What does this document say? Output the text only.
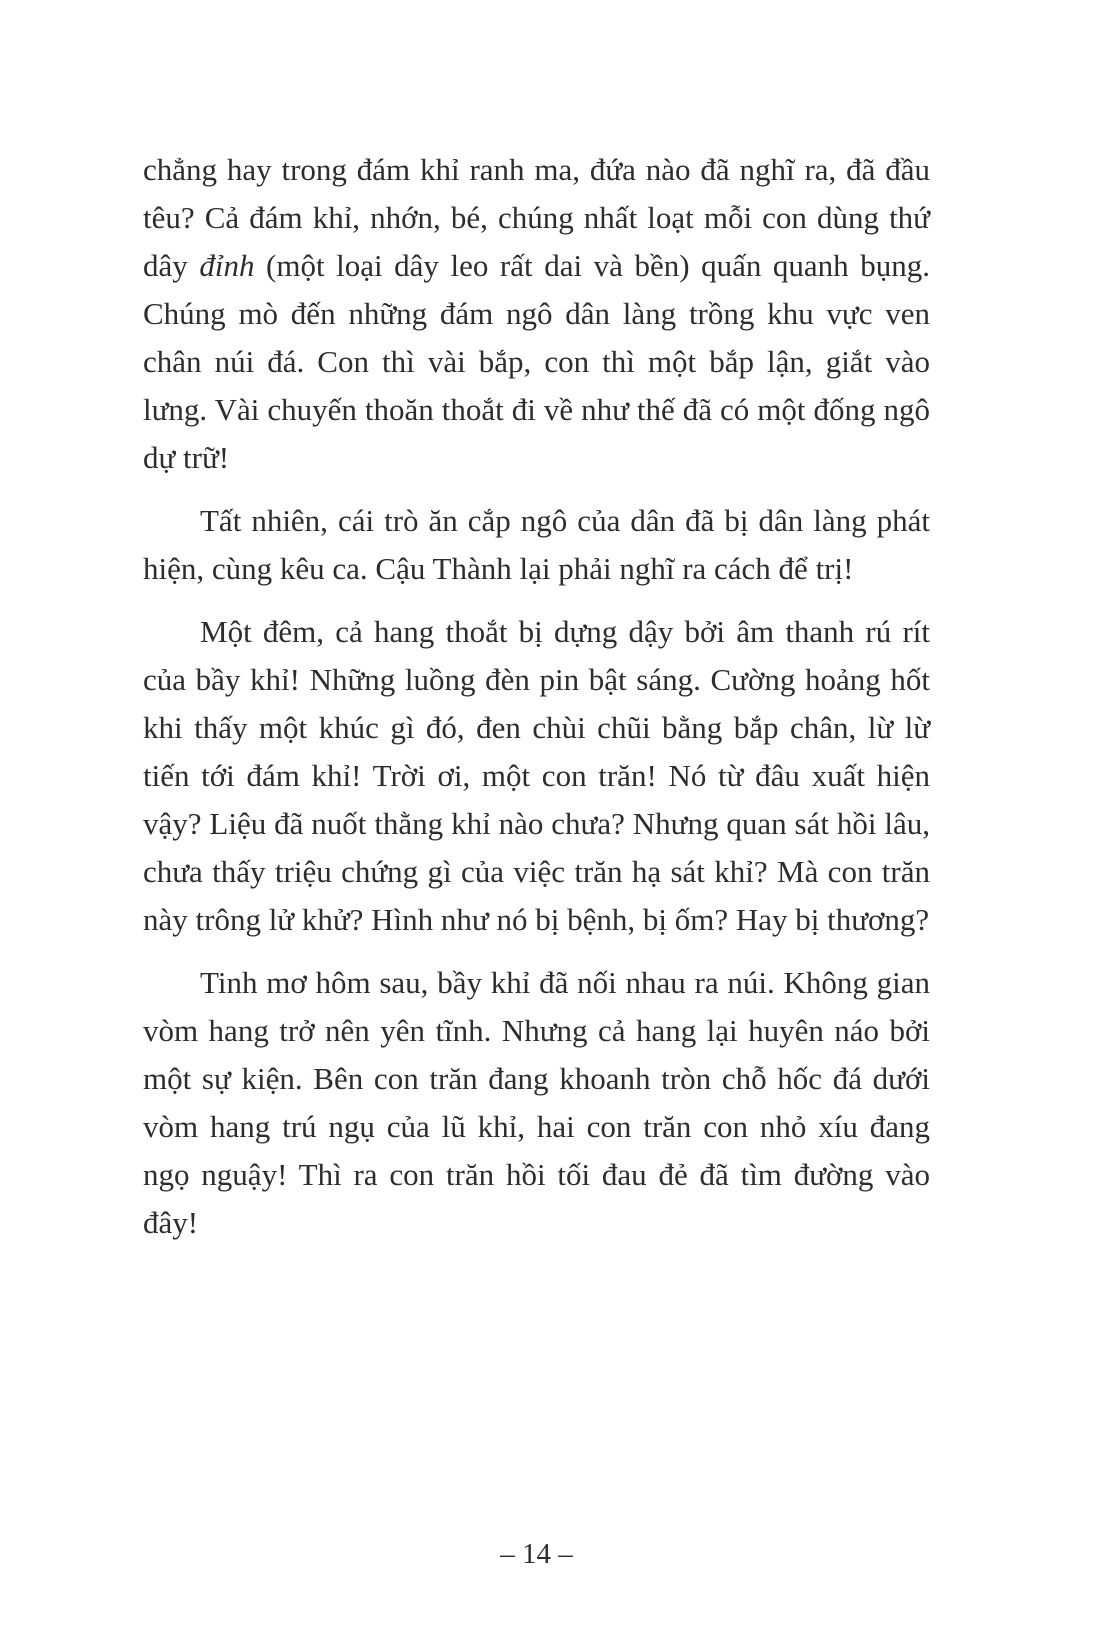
chẳng hay trong đám khỉ ranh ma, đứa nào đã nghĩ ra, đã đầu têu? Cả đám khỉ, nhớn, bé, chúng nhất loạt mỗi con dùng thứ dây đỉnh (một loại dây leo rất dai và bền) quấn quanh bụng. Chúng mò đến những đám ngô dân làng trồng khu vực ven chân núi đá. Con thì vài bắp, con thì một bắp lận, giắt vào lưng. Vài chuyến thoăn thoắt đi về như thế đã có một đống ngô dự trữ!

Tất nhiên, cái trò ăn cắp ngô của dân đã bị dân làng phát hiện, cùng kêu ca. Cậu Thành lại phải nghĩ ra cách để trị!

Một đêm, cả hang thoắt bị dựng dậy bởi âm thanh rú rít của bầy khỉ! Những luồng đèn pin bật sáng. Cường hoảng hốt khi thấy một khúc gì đó, đen chùi chũi bằng bắp chân, lừ lừ tiến tới đám khỉ! Trời ơi, một con trăn! Nó từ đâu xuất hiện vậy? Liệu đã nuốt thằng khỉ nào chưa? Nhưng quan sát hồi lâu, chưa thấy triệu chứng gì của việc trăn hạ sát khỉ? Mà con trăn này trông lử khử? Hình như nó bị bệnh, bị ốm? Hay bị thương?

Tinh mơ hôm sau, bầy khỉ đã nối nhau ra núi. Không gian vòm hang trở nên yên tĩnh. Nhưng cả hang lại huyên náo bởi một sự kiện. Bên con trăn đang khoanh tròn chỗ hốc đá dưới vòm hang trú ngụ của lũ khỉ, hai con trăn con nhỏ xíu đang ngọ nguậy! Thì ra con trăn hồi tối đau đẻ đã tìm đường vào đây!

– 14 –
